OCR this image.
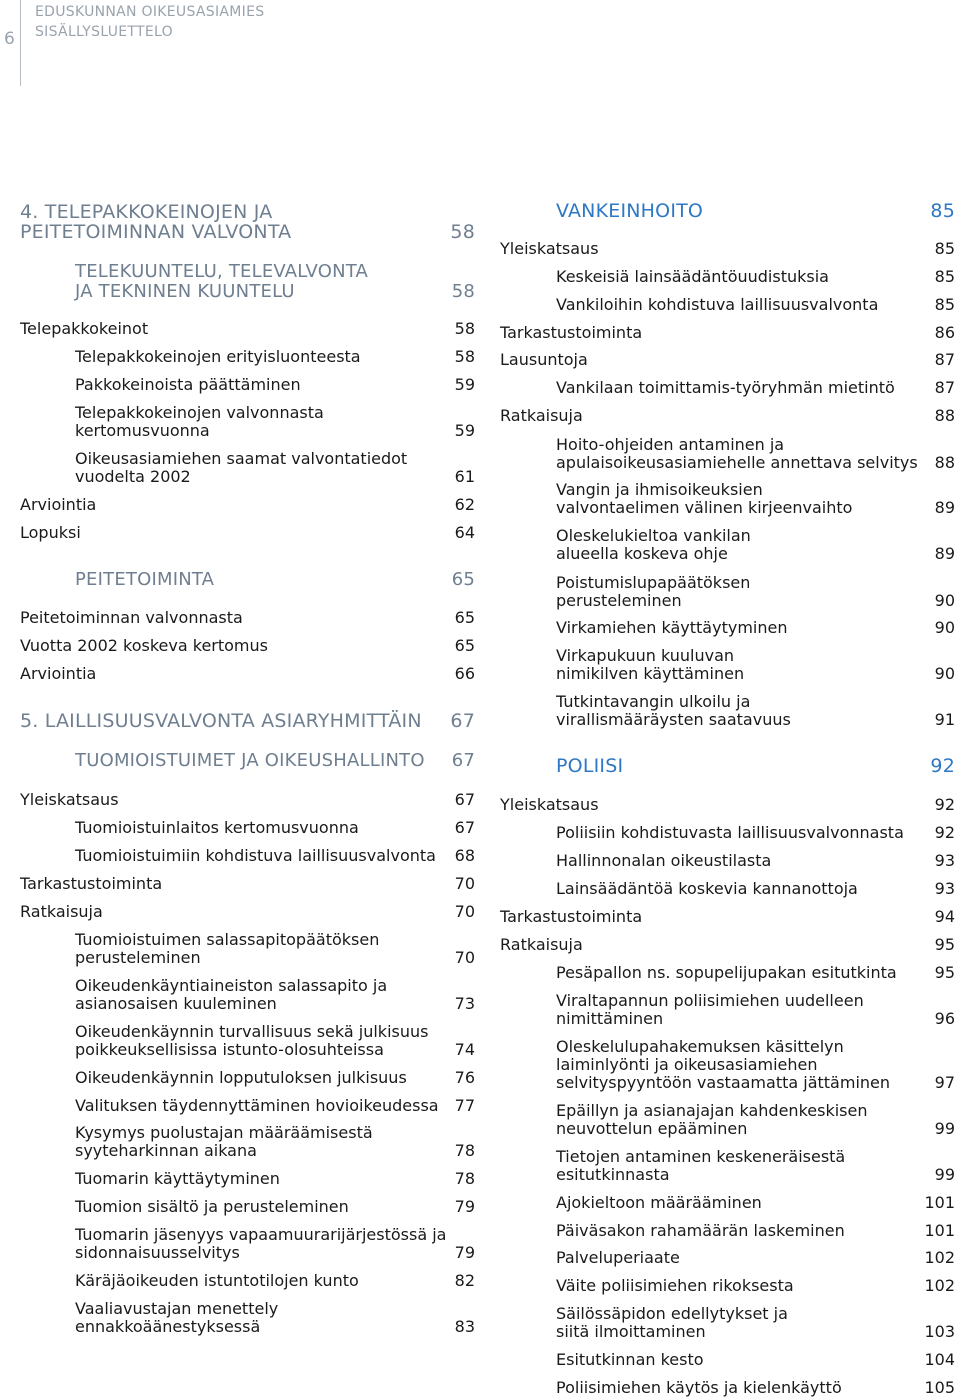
6
EDUSKUNNAN OIKEUSASIAMIES
SISÄLLYSLUETTELO
4. TELEPAKKOKEINOJEN JA
PEITETOIMINNAN VALVONTA	58
TELEKUUNTELU, TELEVALVONTA
JA TEKNINEN KUUNTELU	58
Telepakkokeinot	58
Telepakkokeinojen erityisluonteesta	58
Pakkokeinoista päättäminen	59
Telepakkokeinojen valvonnasta
kertomusvuonna	59
Oikeusasiamiehen saamat valvontatiedot
vuodelta 2002	61
Arviointia	62
Lopuksi	64
PEITETOIMINTA	65
Peitetoiminnan valvonnasta	65
Vuotta 2002 koskeva kertomus	65
Arviointia	66
5. LAILLISUUSVALVONTA ASIARYHMITTÄIN	67
TUOMIOISTUIMET JA OIKEUSHALLINTO	67
Yleiskatsaus	67
Tuomioistuinlaitos kertomusvuonna	67
Tuomioistuimiin kohdistuva laillisuusvalvonta	68
Tarkastustoiminta	70
Ratkaisuja	70
Tuomioistuimen salassapitopäätöksen
perusteleminen	70
Oikeudenkäyntiaineiston salassapito ja
asianosaisen kuuleminen	73
Oikeudenkäynnin turvallisuus sekä julkisuus
poikkeuksellisissa istunto-olosuhteissa	74
Oikeudenkäynnin lopputuloksen julkisuus	76
Valituksen täydennyttäminen hovioikeudessa	77
Kysymys puolustajan määräämisestä
syyteharkinnan aikana	78
Tuomarin käyttäytyminen	78
Tuomion sisältö ja perusteleminen	79
Tuomarin jäsenyys vapaamuurarijärjestössä ja
sidonnaisuusselvitys	79
Käräjäoikeuden istuntotilojen kunto	82
Vaaliavustajan menettely
ennakkoäänestyksessä	83
VANKEINHOITO	85
Yleiskatsaus	85
Keskeisiä lainsäädäntöuudistuksia	85
Vankiloihin kohdistuva laillisuusvalvonta	85
Tarkastustoiminta	86
Lausuntoja	87
Vankilaan toimittamis-työryhmän mietintö	87
Ratkaisuja	88
Hoito-ohjeiden antaminen ja
apulaisoikeusasiamiehelle annettava selvitys	88
Vangin ja ihmisoikeuksien
valvontaelimen välinen kirjeenvaihto	89
Oleskelukieltoa vankilan
alueella koskeva ohje	89
Poistumislupapäätöksen
perusteleminen	90
Virkamiehen käyttäytyminen	90
Virkapukuun kuuluvan
nimikilven käyttäminen	90
Tutkintavangin ulkoilu ja
virallismääräysten saatavuus	91
POLIISI	92
Yleiskatsaus	92
Poliisiin kohdistuvasta laillisuusvalvonnasta	92
Hallinnonalan oikeustilasta	93
Lainsäädäntöä koskevia kannanottoja	93
Tarkastustoiminta	94
Ratkaisuja	95
Pesäpallon ns. sopupelijupakan esitutkinta	95
Viraltapannun poliisimiehen uudelleen
nimittäminen	96
Oleskelulupahakemuksen käsittelyn
laiminlyönti ja oikeusasiamiehen
selvityspyyntöön vastaamatta jättäminen	97
Epäillyn ja asianajajan kahdenkeskisen
neuvottelun epääminen	99
Tietojen antaminen keskeneräisestä
esitutkinnasta	99
Ajokieltoon määrääminen	101
Päiväsakon rahamäärän laskeminen	101
Palveluperiaate	102
Väite poliisimiehen rikoksesta	102
Säilössäpidon edellytykset ja
siitä ilmoittaminen	103
Esitutkinnan kesto	104
Poliisimiehen käytös ja kielenkäyttö	105
